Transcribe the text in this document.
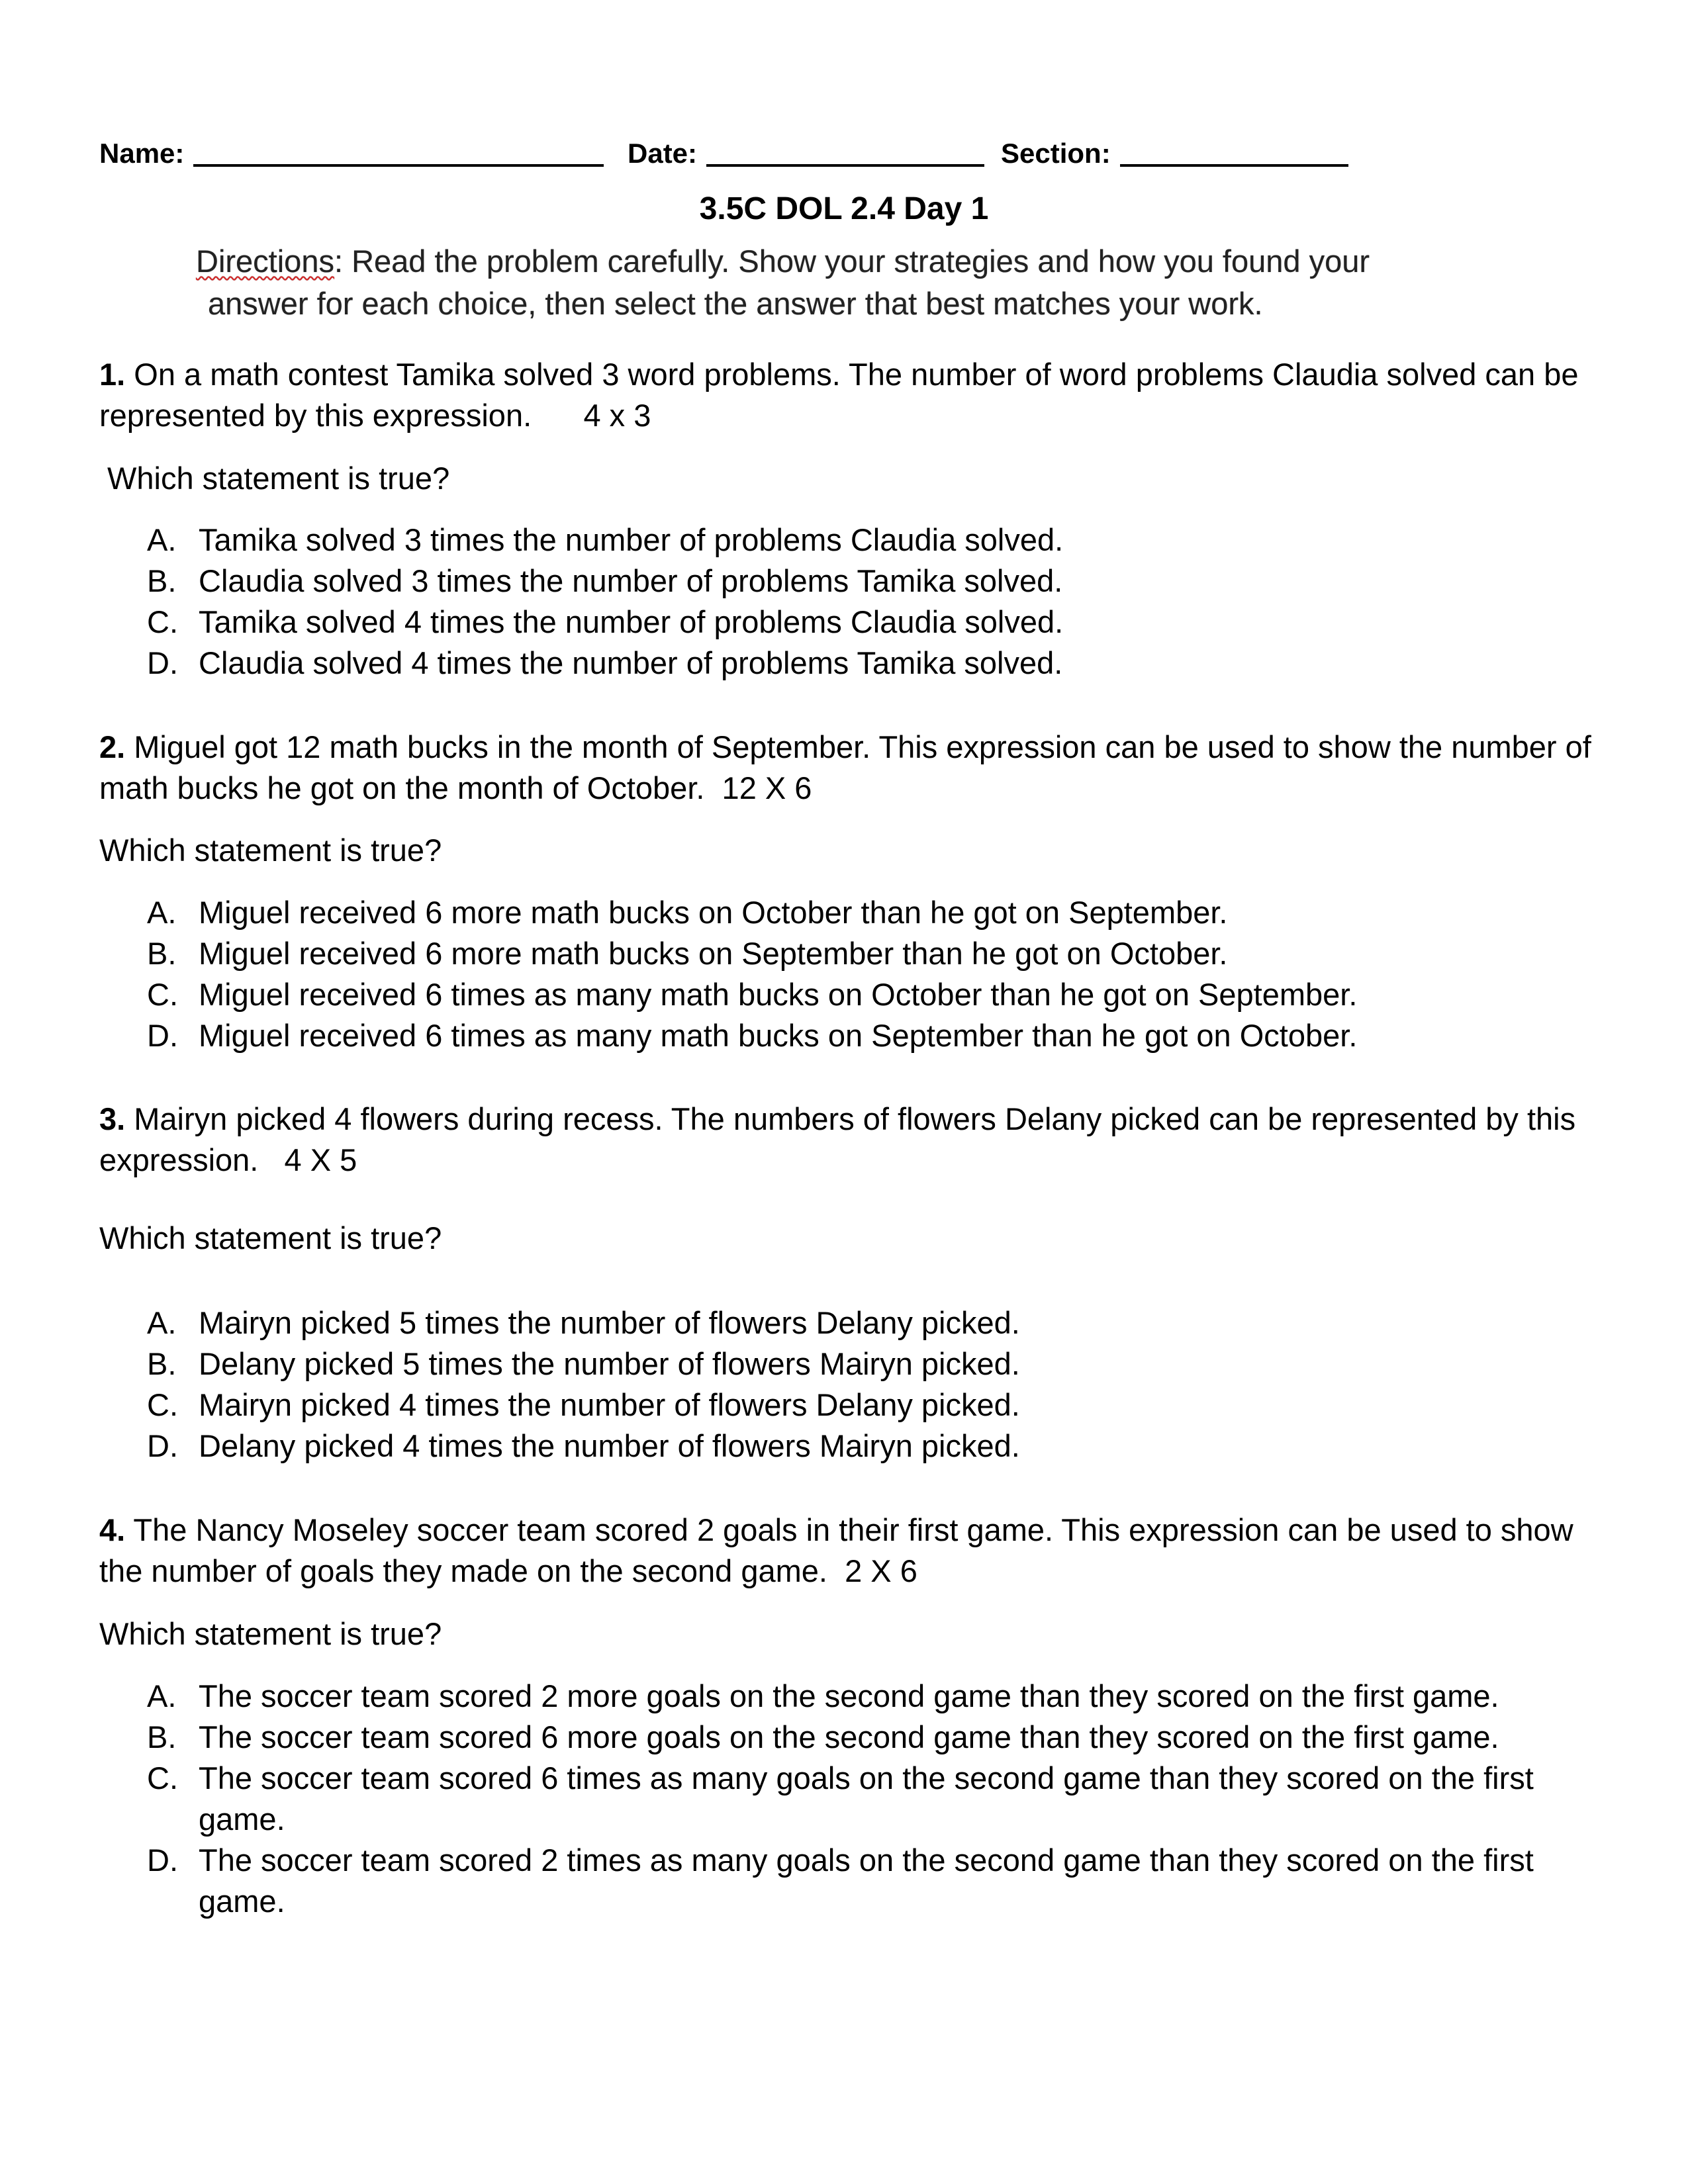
Name:	Date:	Section:
3.5C DOL 2.4 Day 1
Directions: Read the problem carefully. Show your strategies and how you found your
answer for each choice, then select the answer that best matches your work.
1. On a math contest Tamika solved 3 word problems. The number of word problems Claudia solved can be represented by this expression.      4 x 3
Which statement is true?
A. Tamika solved 3 times the number of problems Claudia solved.
B. Claudia solved 3 times the number of problems Tamika solved.
C. Tamika solved 4 times the number of problems Claudia solved.
D. Claudia solved 4 times the number of problems Tamika solved.
2. Miguel got 12 math bucks in the month of September. This expression can be used to show the number of math bucks he got on the month of October.  12 X 6
Which statement is true?
A. Miguel received 6 more math bucks on October than he got on September.
B. Miguel received 6 more math bucks on September than he got on October.
C. Miguel received 6 times as many math bucks on October than he got on September.
D. Miguel received 6 times as many math bucks on September than he got on October.
3. Mairyn picked 4 flowers during recess. The numbers of flowers Delany picked can be represented by this expression.   4 X 5
Which statement is true?
A. Mairyn picked 5 times the number of flowers Delany picked.
B. Delany picked 5 times the number of flowers Mairyn picked.
C. Mairyn picked 4 times the number of flowers Delany picked.
D. Delany picked 4 times the number of flowers Mairyn picked.
4. The Nancy Moseley soccer team scored 2 goals in their first game. This expression can be used to show the number of goals they made on the second game.  2 X 6
Which statement is true?
A. The soccer team scored 2 more goals on the second game than they scored on the first game.
B. The soccer team scored 6 more goals on the second game than they scored on the first game.
C. The soccer team scored 6 times as many goals on the second game than they scored on the first game.
D. The soccer team scored 2 times as many goals on the second game than they scored on the first game.
